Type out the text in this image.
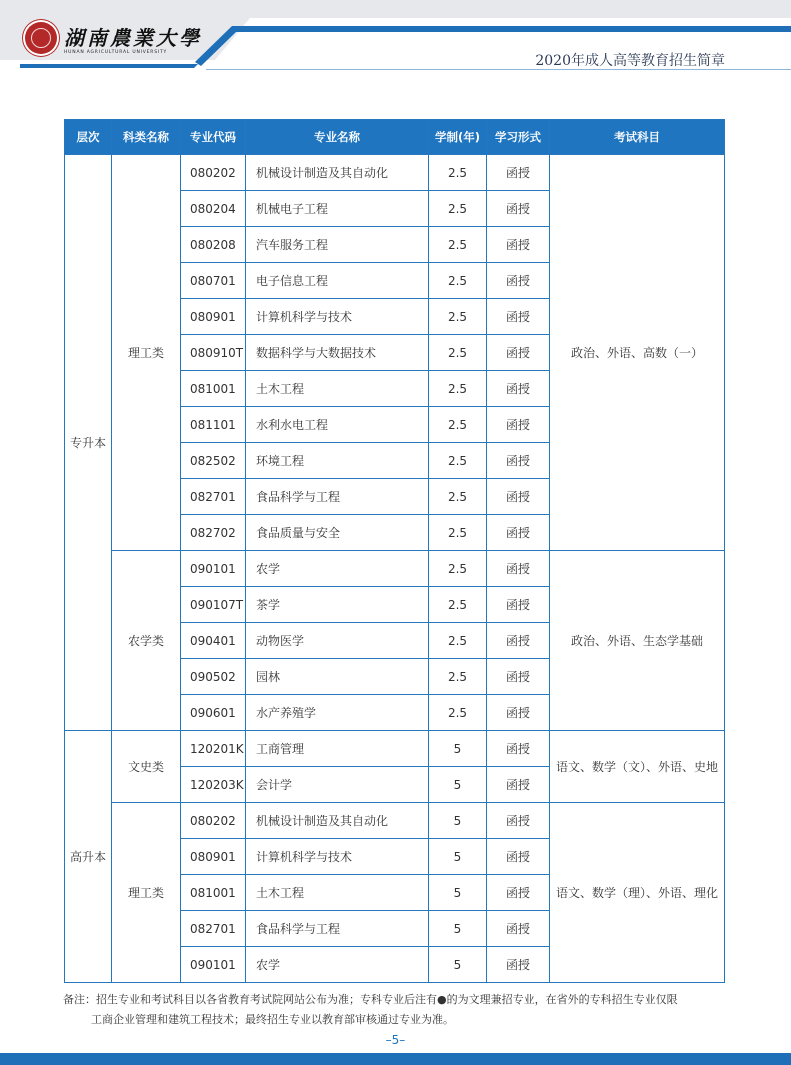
湖南農業大學
HUNAN AGRICULTURAL UNIVERSITY
2020年成人高等教育招生简章
层次	科类名称	专业代码	专业名称	学制(年)	学习形式	考试科目
专升本	理工类	080202	机械设计制造及其自动化	2.5	函授	政治、外语、高数（一）
		080204	机械电子工程	2.5	函授	
		080208	汽车服务工程	2.5	函授	
		080701	电子信息工程	2.5	函授	
		080901	计算机科学与技术	2.5	函授	
		080910T	数据科学与大数据技术	2.5	函授	
		081001	土木工程	2.5	函授	
		081101	水利水电工程	2.5	函授	
		082502	环境工程	2.5	函授	
		082701	食品科学与工程	2.5	函授	
		082702	食品质量与安全	2.5	函授	
	农学类	090101	农学	2.5	函授	政治、外语、生态学基础
		090107T	茶学	2.5	函授	
		090401	动物医学	2.5	函授	
		090502	园林	2.5	函授	
		090601	水产养殖学	2.5	函授	
高升本	文史类	120201K	工商管理	5	函授	语文、数学（文）、外语、史地
		120203K	会计学	5	函授	
	理工类	080202	机械设计制造及其自动化	5	函授	语文、数学（理）、外语、理化
		080901	计算机科学与技术	5	函授	
		081001	土木工程	5	函授	
		082701	食品科学与工程	5	函授	
		090101	农学	5	函授	
备注：招生专业和考试科目以各省教育考试院网站公布为准；专科专业后注有●的为文理兼招专业，在省外的专科招生专业仅限
工商企业管理和建筑工程技术；最终招生专业以教育部审核通过专业为准。
–5–
